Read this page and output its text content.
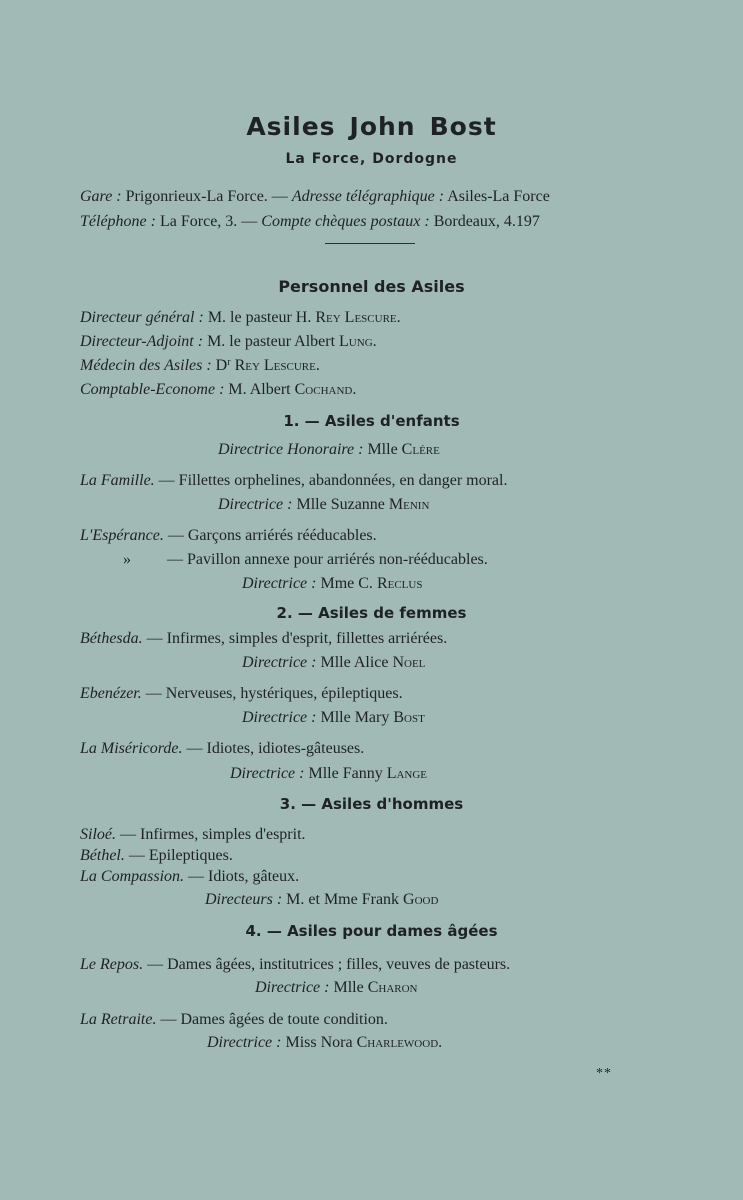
Asiles John Bost
La Force, Dordogne
Gare : Prigonrieux-La Force. — Adresse télégraphique : Asiles-La Force
Téléphone : La Force, 3. — Compte chèques postaux : Bordeaux, 4.197
Personnel des Asiles
Directeur général : M. le pasteur H. Rey Lescure.
Directeur-Adjoint : M. le pasteur Albert Lung.
Médecin des Asiles : $D^r$ Rey Lescure.
Comptable-Econome : M. Albert Cochand.
1. — Asiles d'enfants
Directrice Honoraire : Mlle Clére
La Famille. — Fillettes orphelines, abandonnées, en danger moral.
Directrice : Mlle Suzanne Menin
L'Espérance. — Garçons arriérés rééducables.
» — Pavillon annexe pour arriérés non-rééducables.
Directrice : Mme C. Reclus
2. — Asiles de femmes
Béthesda. — Infirmes, simples d'esprit, fillettes arriérées.
Directrice : Mlle Alice Noel
Ebenézer. — Nerveuses, hystériques, épileptiques.
Directrice : Mlle Mary Bost
La Miséricorde. — Idiotes, idiotes-gâteuses.
Directrice : Mlle Fanny Lange
3. — Asiles d'hommes
Siloé. — Infirmes, simples d'esprit.
Béthel. — Epileptiques.
La Compassion. — Idiots, gâteux.
Directeurs : M. et Mme Frank Good
4. — Asiles pour dames âgées
Le Repos. — Dames âgées, institutrices ; filles, veuves de pasteurs.
Directrice : Mlle Charon
La Retraite. — Dames âgées de toute condition.
Directrice : Miss Nora Charlewood.
**
